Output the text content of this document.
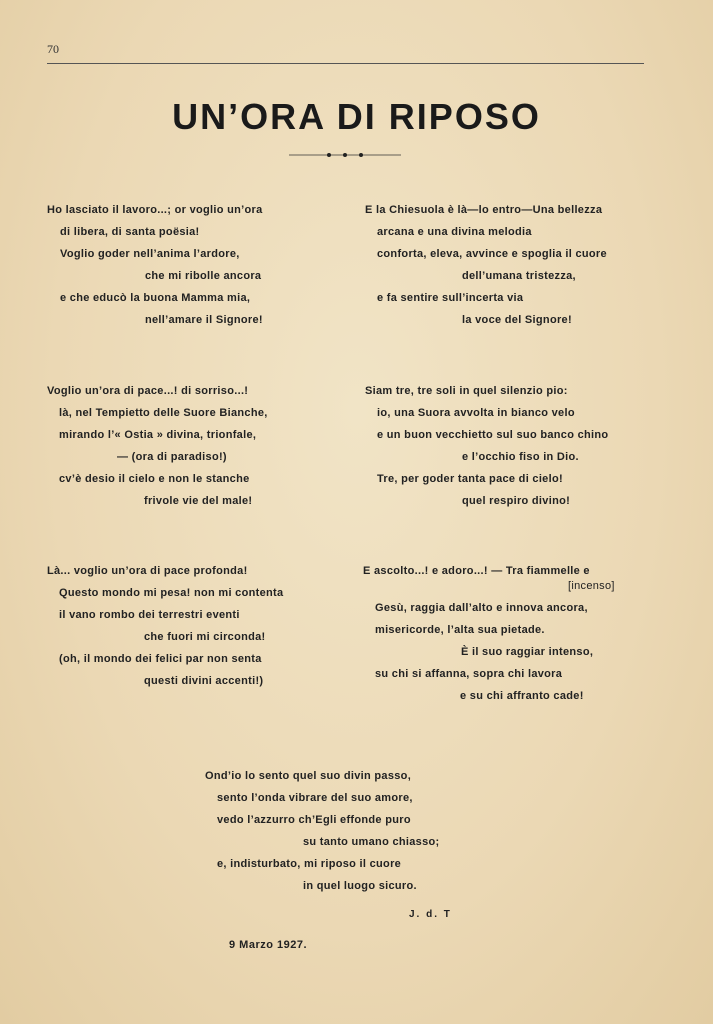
70
UN’ORA DI RIPOSO
Ho lasciato il lavoro...; or voglio un’ora
di libera, di santa poësia!
Voglio goder nell’anima l’ardore,
che mi ribolle ancora
e che educò la buona Mamma mia,
nell’amare il Signore!
E la Chiesuola è là—lo entro—Una bellezza
arcana e una divina melodia
conforta, eleva, avvince e spoglia il cuore
dell’umana tristezza,
e fa sentire sull’incerta via
la voce del Signore!
Voglio un’ora di pace...! di sorriso...!
là, nel Tempietto delle Suore Bianche,
mirando l’« Ostia » divina, trionfale,
— (ora di paradiso!)
cv’è desio il cielo e non le stanche
frivole vie del male!
Siam tre, tre soli in quel silenzio pio:
io, una Suora avvolta in bianco velo
e un buon vecchietto sul suo banco chino
e l’occhio fiso in Dio.
Tre, per goder tanta pace di cielo!
quel respiro divino!
Là... voglio un’ora di pace profonda!
Questo mondo mi pesa! non mi contenta
il vano rombo dei terrestri eventi
che fuori mi circonda!
(oh, il mondo dei felici par non senta
questi divini accenti!)
E ascolto...! e adoro...! — Tra fiammelle e
[incenso]
Gesù, raggia dall’alto e innova ancora,
misericorde, l’alta sua pietade.
È il suo raggiar intenso,
su chi si affanna, sopra chi lavora
e su chi affranto cade!
Ond’io lo sento quel suo divin passo,
sento l’onda vibrare del suo amore,
vedo l’azzurro ch’Egli effonde puro
su tanto umano chiasso;
e, indisturbato, mi riposo il cuore
in quel luogo sicuro.
J. d. T
9 Marzo 1927.
